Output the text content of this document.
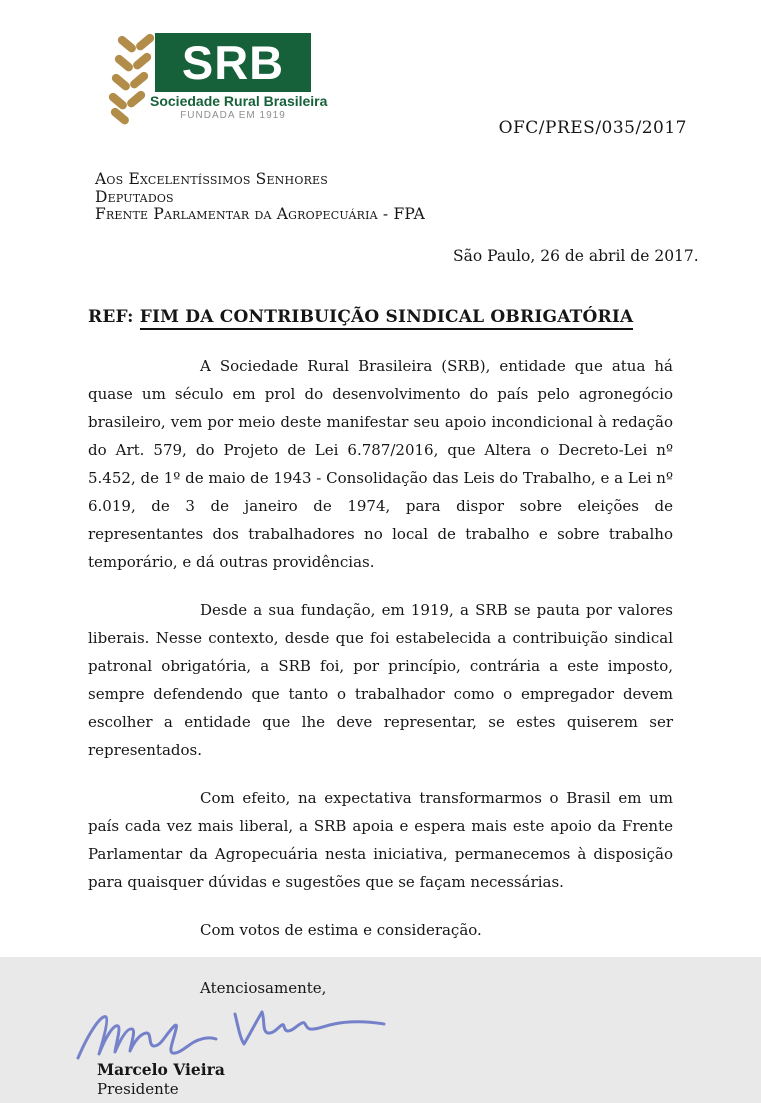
SRB
Sociedade Rural Brasileira
FUNDADA EM 1919
OFC/PRES/035/2017
Aos Excelentíssimos Senhores
Deputados
Frente Parlamentar da Agropecuária - FPA
São Paulo, 26 de abril de 2017.
REF: FIM DA CONTRIBUIÇÃO SINDICAL OBRIGATÓRIA

A Sociedade Rural Brasileira (SRB), entidade que atua há quase um século em prol do desenvolvimento do país pelo agronegócio brasileiro, vem por meio deste manifestar seu apoio incondicional à redação do Art. 579, do Projeto de Lei 6.787/2016, que Altera o Decreto-Lei nº 5.452, de 1º de maio de 1943 - Consolidação das Leis do Trabalho, e a Lei nº 6.019, de 3 de janeiro de 1974, para dispor sobre eleições de representantes dos trabalhadores no local de trabalho e sobre trabalho temporário, e dá outras providências.

Desde a sua fundação, em 1919, a SRB se pauta por valores liberais. Nesse contexto, desde que foi estabelecida a contribuição sindical patronal obrigatória, a SRB foi, por princípio, contrária a este imposto, sempre defendendo que tanto o trabalhador como o empregador devem escolher a entidade que lhe deve representar, se estes quiserem ser representados.

Com efeito, na expectativa transformarmos o Brasil em um país cada vez mais liberal, a SRB apoia e espera mais este apoio da Frente Parlamentar da Agropecuária nesta iniciativa, permanecemos à disposição para quaisquer dúvidas e sugestões que se façam necessárias.

Com votos de estima e consideração.

Atenciosamente,

Marcelo Vieira
Presidente
